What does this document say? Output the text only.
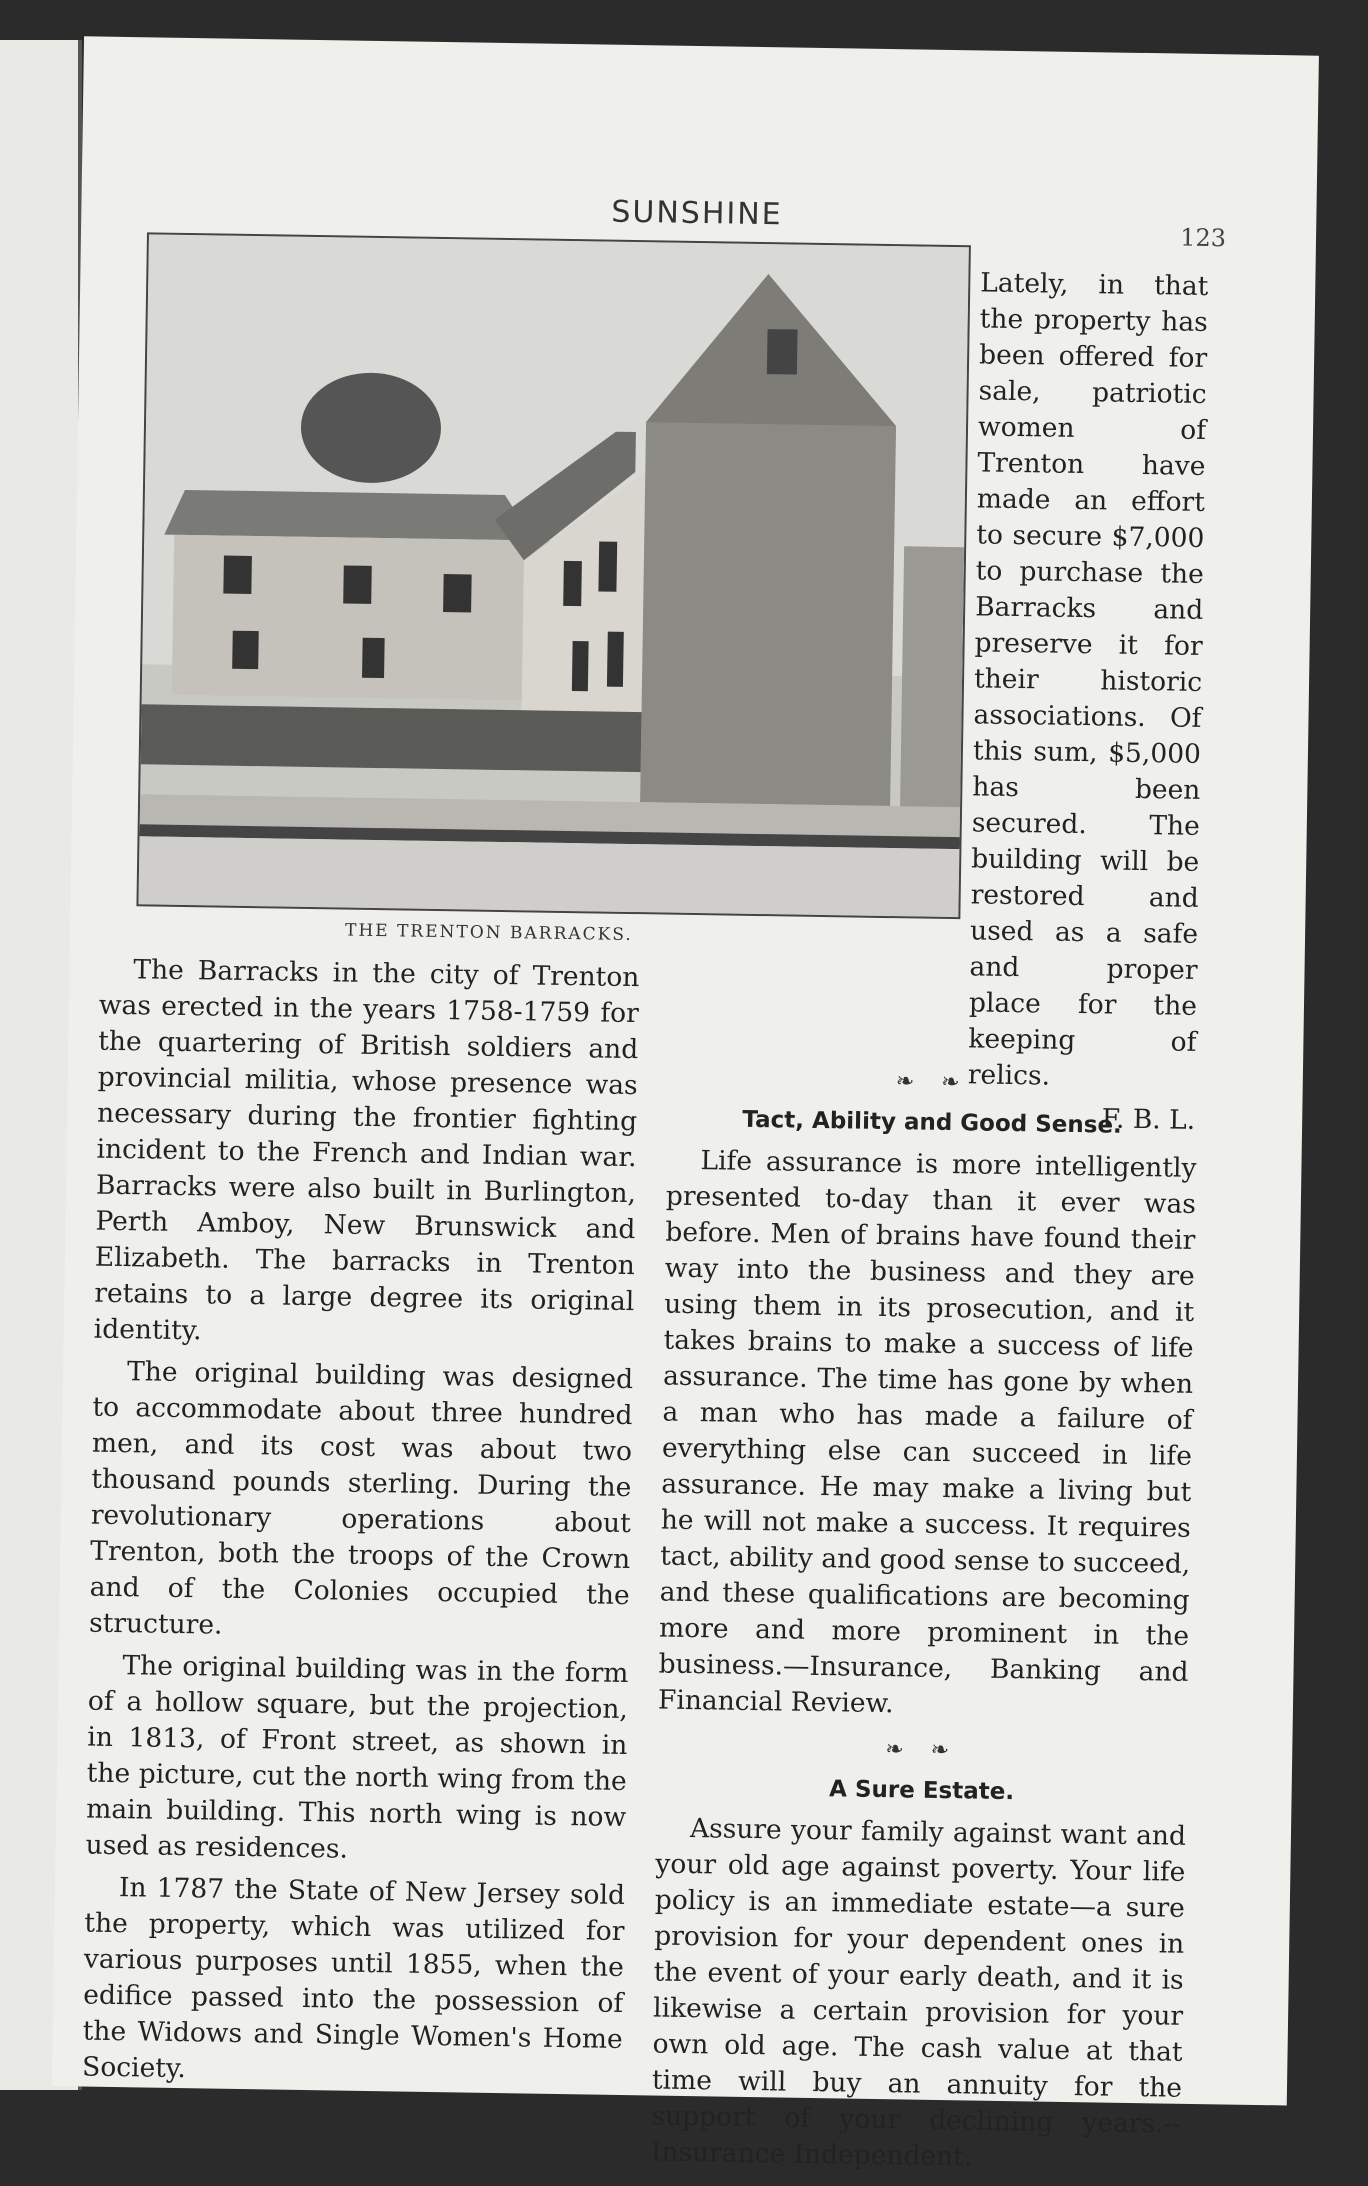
SUNSHINE
123
THE TRENTON BARRACKS.

Lately, in that the property has been offered for sale, patriotic women of Trenton have made an effort to secure $7,000 to purchase the Barracks and preserve it for their historic associations. Of this sum, $5,000 has been secured. The building will be restored and used as a safe and proper place for the keeping of relics.

F. B. L.

The Barracks in the city of Trenton was erected in the years 1758-1759 for the quartering of British soldiers and provincial militia, whose presence was necessary during the frontier fighting incident to the French and Indian war. Barracks were also built in Burlington, Perth Amboy, New Brunswick and Elizabeth. The barracks in Trenton retains to a large degree its original identity.

The original building was designed to accommodate about three hundred men, and its cost was about two thousand pounds sterling. During the revolutionary operations about Trenton, both the troops of the Crown and of the Colonies occupied the structure.

The original building was in the form of a hollow square, but the projection, in 1813, of Front street, as shown in the picture, cut the north wing from the main building. This north wing is now used as residences.

In 1787 the State of New Jersey sold the property, which was utilized for various purposes until 1855, when the edifice passed into the possession of the Widows and Single Women's Home Society.

❧ ❧
Tact, Ability and Good Sense.

Life assurance is more intelligently presented to-day than it ever was before. Men of brains have found their way into the business and they are using them in its prosecution, and it takes brains to make a success of life assurance. The time has gone by when a man who has made a failure of everything else can succeed in life assurance. He may make a living but he will not make a success. It requires tact, ability and good sense to succeed, and these qualifications are becoming more and more prominent in the business.—Insurance, Banking and Financial Review.

❧ ❧
A Sure Estate.

Assure your family against want and your old age against poverty. Your life policy is an immediate estate—a sure provision for your dependent ones in the event of your early death, and it is likewise a certain provision for your own old age. The cash value at that time will buy an annuity for the support of your declining years.--Insurance Independent.
